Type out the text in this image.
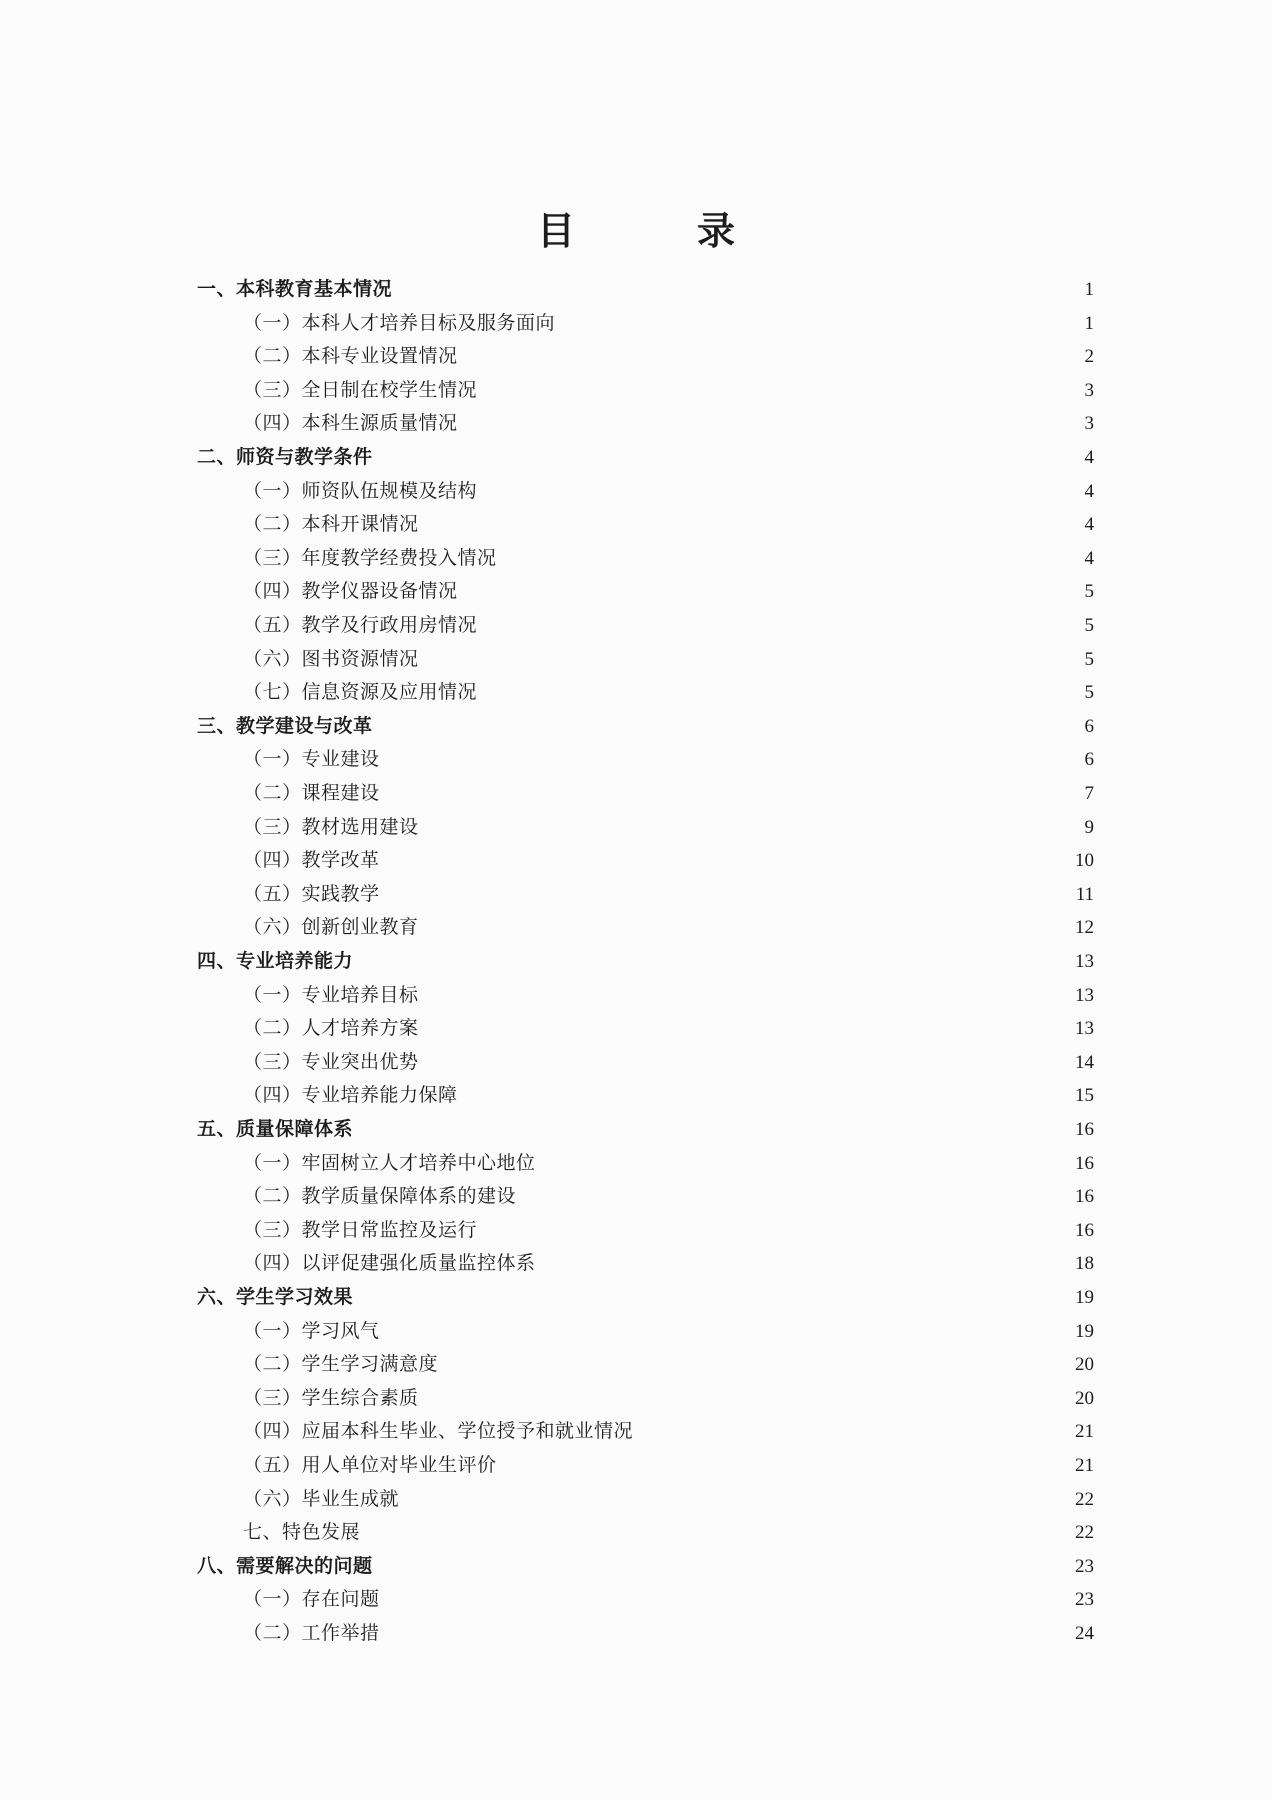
目　录
一、本科教育基本情况	1
（一）本科人才培养目标及服务面向	1
（二）本科专业设置情况	2
（三）全日制在校学生情况	3
（四）本科生源质量情况	3
二、师资与教学条件	4
（一）师资队伍规模及结构	4
（二）本科开课情况	4
（三）年度教学经费投入情况	4
（四）教学仪器设备情况	5
（五）教学及行政用房情况	5
（六）图书资源情况	5
（七）信息资源及应用情况	5
三、教学建设与改革	6
（一）专业建设	6
（二）课程建设	7
（三）教材选用建设	9
（四）教学改革	10
（五）实践教学	11
（六）创新创业教育	12
四、专业培养能力	13
（一）专业培养目标	13
（二）人才培养方案	13
（三）专业突出优势	14
（四）专业培养能力保障	15
五、质量保障体系	16
（一）牢固树立人才培养中心地位	16
（二）教学质量保障体系的建设	16
（三）教学日常监控及运行	16
（四）以评促建强化质量监控体系	18
六、学生学习效果	19
（一）学习风气	19
（二）学生学习满意度	20
（三）学生综合素质	20
（四）应届本科生毕业、学位授予和就业情况	21
（五）用人单位对毕业生评价	21
（六）毕业生成就	22
七、特色发展	22
八、需要解决的问题	23
（一）存在问题	23
（二）工作举措	24
